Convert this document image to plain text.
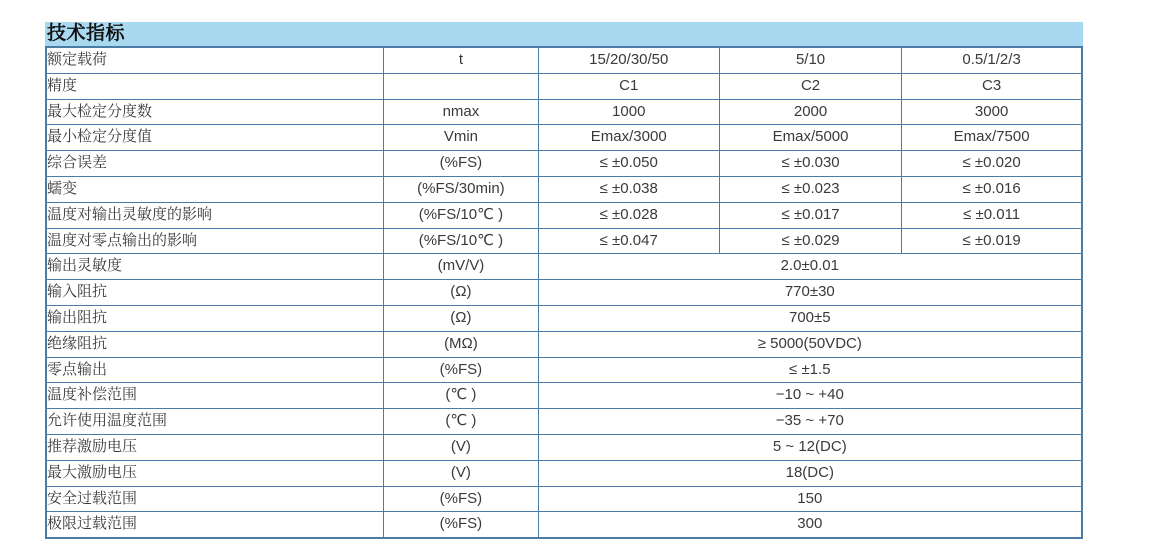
技术指标
额定载荷	t	15/20/30/50	5/10	0.5/1/2/3
精度		C1	C2	C3
最大检定分度数	nmax	1000	2000	3000
最小检定分度值	Vmin	Emax/3000	Emax/5000	Emax/7500
综合误差	(%FS)	≤ ±0.050	≤ ±0.030	≤ ±0.020
蠕变	(%FS/30min)	≤ ±0.038	≤ ±0.023	≤ ±0.016
温度对输出灵敏度的影响	(%FS/10℃ )	≤ ±0.028	≤ ±0.017	≤ ±0.011
温度对零点输出的影响	(%FS/10℃ )	≤ ±0.047	≤ ±0.029	≤ ±0.019
输出灵敏度	(mV/V)	2.0±0.01		
输入阻抗	(Ω)	770±30		
输出阻抗	(Ω)	700±5		
绝缘阻抗	(MΩ)	≥ 5000(50VDC)		
零点输出	(%FS)	≤ ±1.5		
温度补偿范围	(℃ )	−10 ~ +40		
允许使用温度范围	(℃ )	−35 ~ +70		
推荐激励电压	(V)	5 ~ 12(DC)		
最大激励电压	(V)	18(DC)		
安全过载范围	(%FS)	150		
极限过载范围	(%FS)	300		
